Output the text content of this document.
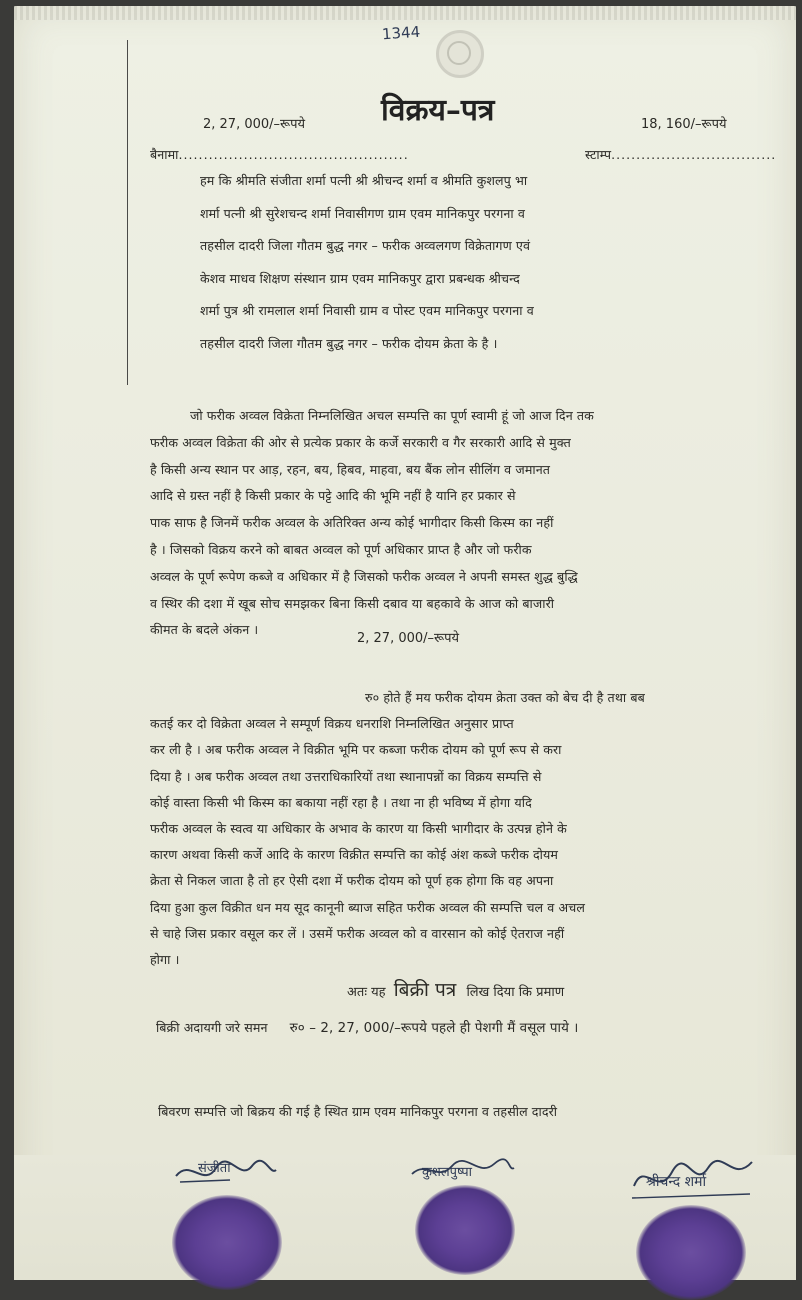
1344
विक्रय–पत्र
2, 27, 000/–रूपये	18, 160/–रूपये
बैनामा..............................................	स्टाम्प.................................
हम कि श्रीमति संजीता शर्मा पत्नी श्री श्रीचन्द शर्मा व श्रीमति कुशलपु भा
शर्मा पत्नी श्री सुरेशचन्द शर्मा निवासीगण ग्राम एवम मानिकपुर परगना व
तहसील दादरी जिला गौतम बुद्ध नगर – फरीक अव्वलगण विक्रेतागण एवं
केशव माधव शिक्षण संस्थान ग्राम एवम मानिकपुर द्वारा प्रबन्धक श्रीचन्द
शर्मा पुत्र श्री रामलाल शर्मा निवासी ग्राम व पोस्ट एवम मानिकपुर परगना व
तहसील दादरी जिला गौतम बुद्ध नगर – फरीक दोयम क्रेता के है ।
जो फरीक अव्वल विक्रेता निम्नलिखित अचल सम्पत्ति का पूर्ण स्वामी हूं जो आज दिन तक
फरीक अव्वल विक्रेता की ओर से प्रत्येक प्रकार के कर्जे सरकारी व गैर सरकारी आदि से मुक्त
है किसी अन्य स्थान पर आड़, रहन, बय, हिबव, माहवा, बय बैंक लोन सीलिंग व जमानत
आदि से ग्रस्त नहीं है किसी प्रकार के पट्टे आदि की भूमि नहीं है यानि हर प्रकार से
पाक साफ है जिनमें फरीक अव्वल के अतिरिक्त अन्य कोई भागीदार किसी किस्म का नहीं
है । जिसको विक्रय करने को बाबत अव्वल को पूर्ण अधिकार प्राप्त है और जो फरीक
अव्वल के पूर्ण रूपेण कब्जे व अधिकार में है जिसको फरीक अव्वल ने अपनी समस्त शुद्ध बुद्धि
व स्थिर की दशा में खूब सोच समझकर बिना किसी दबाव या बहकावे के आज को बाजारी
कीमत के बदले अंकन ।
2, 27, 000/–रूपये
रु० होते हैं मय फरीक दोयम क्रेता उक्त को बेच दी है तथा बब
कतई कर दो विक्रेता अव्वल ने सम्पूर्ण विक्रय धनराशि निम्नलिखित अनुसार प्राप्त
कर ली है । अब फरीक अव्वल ने विक्रीत भूमि पर कब्जा फरीक दोयम को पूर्ण रूप से करा
दिया है । अब फरीक अव्वल तथा उत्तराधिकारियों तथा स्थानापन्नों का विक्रय सम्पत्ति से
कोई वास्ता किसी भी किस्म का बकाया नहीं रहा है । तथा ना ही भविष्य में होगा यदि
फरीक अव्वल के स्वत्व या अधिकार के अभाव के कारण या किसी भागीदार के उत्पन्न होने के
कारण अथवा किसी कर्जे आदि के कारण विक्रीत सम्पत्ति का कोई अंश कब्जे फरीक दोयम
क्रेता से निकल जाता है तो हर ऐसी दशा में फरीक दोयम को पूर्ण हक होगा कि वह अपना
दिया हुआ कुल विक्रीत धन मय सूद कानूनी ब्याज सहित फरीक अव्वल की सम्पत्ति चल व अचल
से चाहे जिस प्रकार वसूल कर लें । उसमें फरीक अव्वल को व वारसान को कोई ऐतराज नहीं
होगा ।
अतः यह बिक्री पत्र लिख दिया कि प्रमाण
बिक्री अदायगी जरे समन रु० – 2, 27, 000/–रूपये पहले ही पेशगी मैं वसूल पाये ।
बिवरण सम्पत्ति जो बिक्रय की गई है स्थित ग्राम एवम मानिकपुर परगना व तहसील दादरी
संजीता	कुशलपुष्पा
श्रीचन्द शर्मा
